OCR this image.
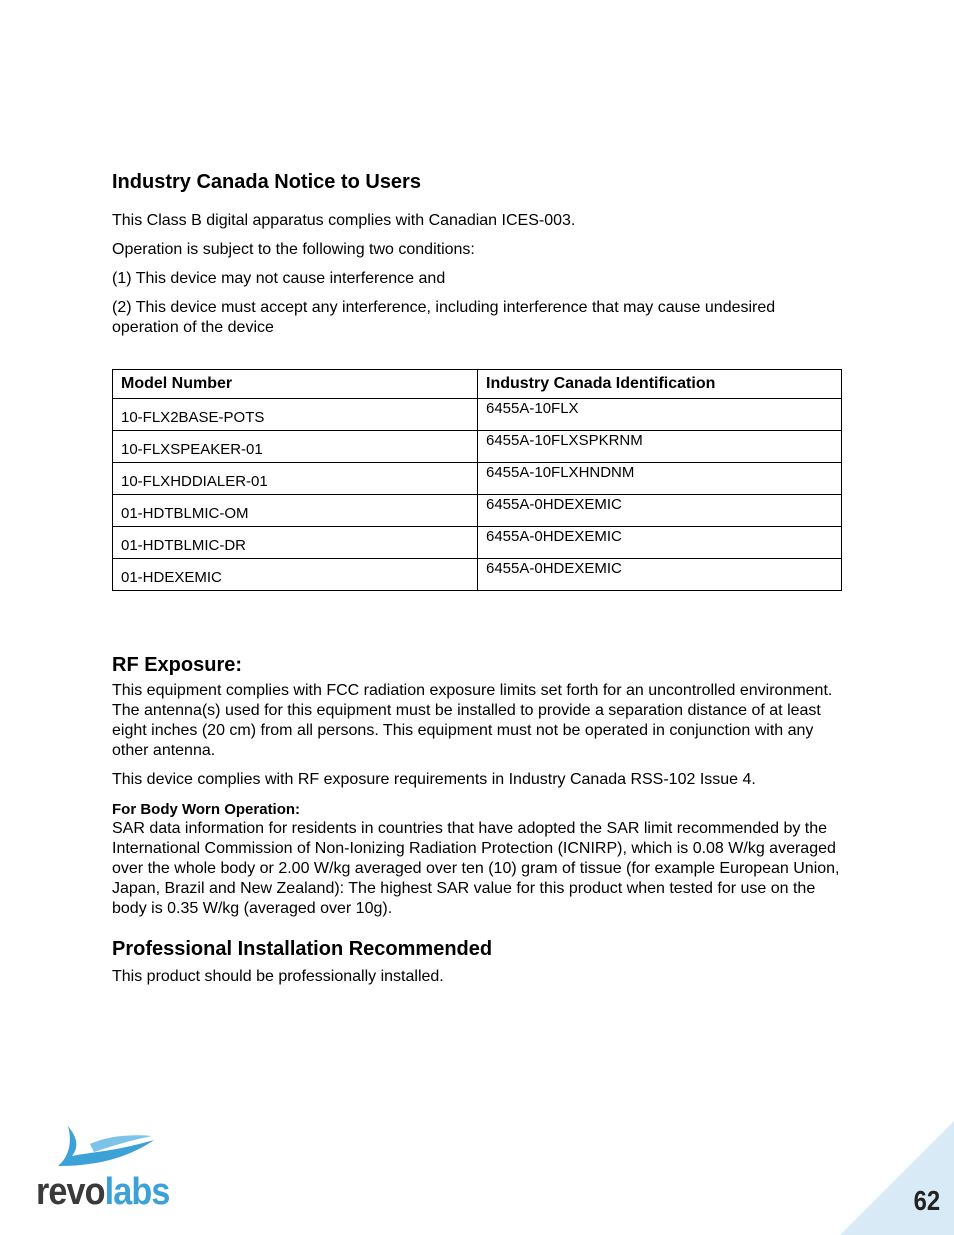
Industry Canada Notice to Users

This Class B digital apparatus complies with Canadian ICES-003.

Operation is subject to the following two conditions:

(1) This device may not cause interference and

(2) This device must accept any interference, including interference that may cause undesired operation of the device

Model Number	Industry Canada Identification
10-FLX2BASE-POTS	6455A-10FLX
10-FLXSPEAKER-01	6455A-10FLXSPKRNM
10-FLXHDDIALER-01	6455A-10FLXHNDNM
01-HDTBLMIC-OM	6455A-0HDEXEMIC
01-HDTBLMIC-DR	6455A-0HDEXEMIC
01-HDEXEMIC	6455A-0HDEXEMIC
RF Exposure:

This equipment complies with FCC radiation exposure limits set forth for an uncontrolled environment. The antenna(s) used for this equipment must be installed to provide a separation distance of at least eight inches (20 cm) from all persons. This equipment must not be operated in conjunction with any other antenna.

This device complies with RF exposure requirements in Industry Canada RSS-102 Issue 4.

For Body Worn Operation:

SAR data information for residents in countries that have adopted the SAR limit recommended by the International Commission of Non-Ionizing Radiation Protection (ICNIRP), which is 0.08 W/kg averaged over the whole body or 2.00 W/kg averaged over ten (10) gram of tissue (for example European Union, Japan, Brazil and New Zealand): The highest SAR value for this product when tested for use on the body is 0.35 W/kg (averaged over 10g).

Professional Installation Recommended

This product should be professionally installed.

revolabs	62
